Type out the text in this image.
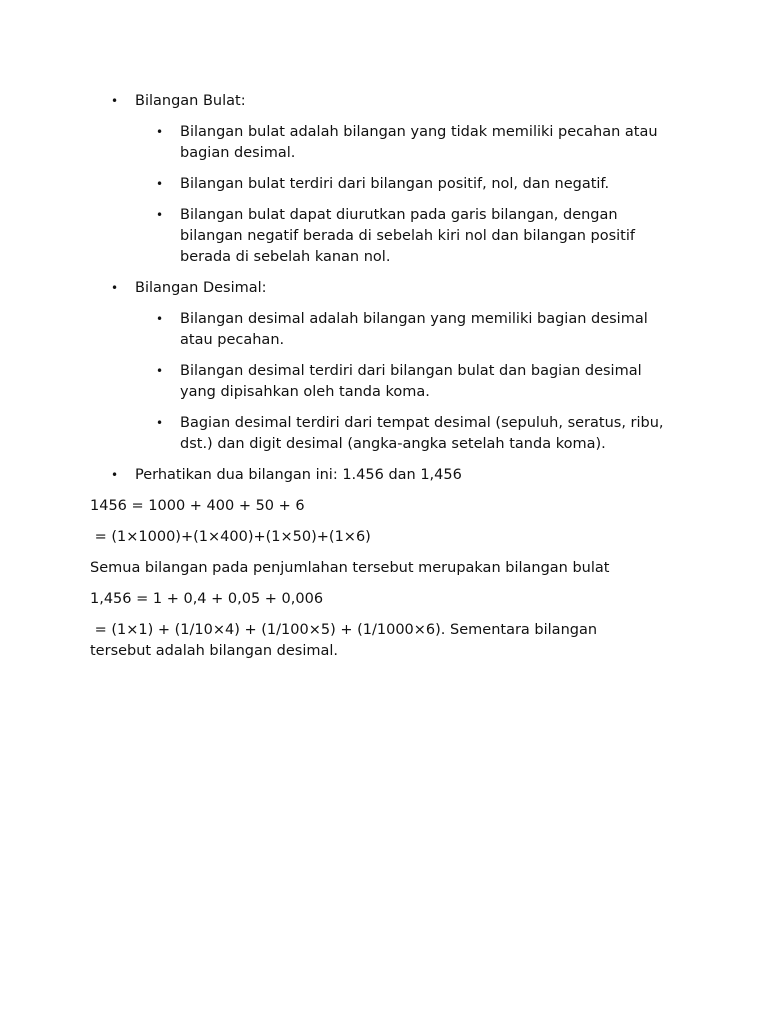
• Bilangan Bulat:
• Bilangan bulat adalah bilangan yang tidak memiliki pecahan atau bagian desimal.
• Bilangan bulat terdiri dari bilangan positif, nol, dan negatif.
• Bilangan bulat dapat diurutkan pada garis bilangan, dengan bilangan negatif berada di sebelah kiri nol dan bilangan positif berada di sebelah kanan nol.
• Bilangan Desimal:
• Bilangan desimal adalah bilangan yang memiliki bagian desimal atau pecahan.
• Bilangan desimal terdiri dari bilangan bulat dan bagian desimal yang dipisahkan oleh tanda koma.
• Bagian desimal terdiri dari tempat desimal (sepuluh, seratus, ribu, dst.) dan digit desimal (angka-angka setelah tanda koma).
• Perhatikan dua bilangan ini: 1.456 dan 1,456

1456 = 1000 + 400 + 50 + 6

= (1×1000)+(1×400)+(1×50)+(1×6)

Semua bilangan pada penjumlahan tersebut merupakan bilangan bulat

1,456 = 1 + 0,4 + 0,05 + 0,006

= (1×1) + (1/10×4) + (1/100×5) + (1/1000×6). Sementara bilangan tersebut adalah bilangan desimal.
